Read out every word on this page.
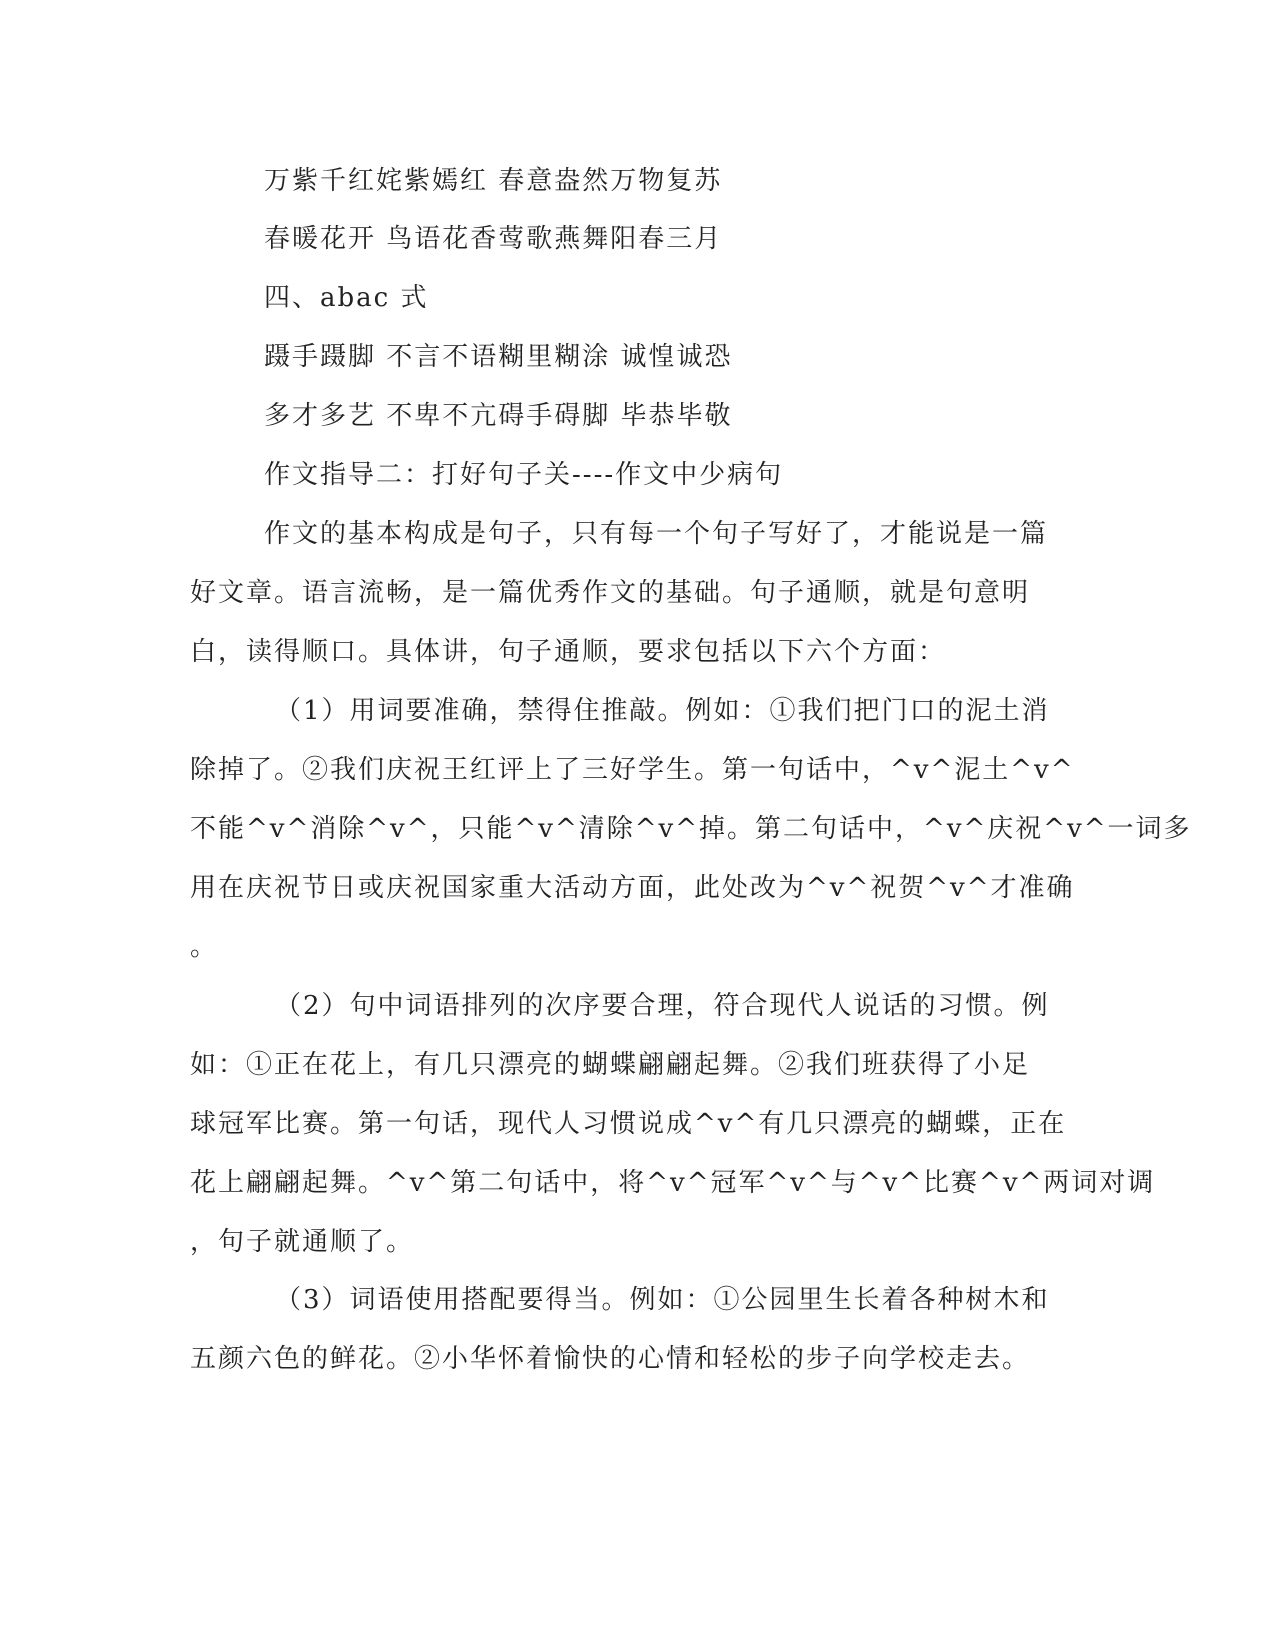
万紫千红姹紫嫣红 春意盎然万物复苏
春暖花开 鸟语花香莺歌燕舞阳春三月
四、abac 式
蹑手蹑脚 不言不语糊里糊涂 诚惶诚恐
多才多艺 不卑不亢碍手碍脚 毕恭毕敬
作文指导二：打好句子关----作文中少病句
作文的基本构成是句子，只有每一个句子写好了，才能说是一篇
好文章。语言流畅，是一篇优秀作文的基础。句子通顺，就是句意明
白，读得顺口。具体讲，句子通顺，要求包括以下六个方面：
（1）用词要准确，禁得住推敲。例如：①我们把门口的泥土消
除掉了。②我们庆祝王红评上了三好学生。第一句话中，^v^泥土^v^
不能^v^消除^v^，只能^v^清除^v^掉。第二句话中，^v^庆祝^v^一词多
用在庆祝节日或庆祝国家重大活动方面，此处改为^v^祝贺^v^才准确
。
（2）句中词语排列的次序要合理，符合现代人说话的习惯。例
如：①正在花上，有几只漂亮的蝴蝶翩翩起舞。②我们班获得了小足
球冠军比赛。第一句话，现代人习惯说成^v^有几只漂亮的蝴蝶，正在
花上翩翩起舞。^v^第二句话中，将^v^冠军^v^与^v^比赛^v^两词对调
，句子就通顺了。
（3）词语使用搭配要得当。例如：①公园里生长着各种树木和
五颜六色的鲜花。②小华怀着愉快的心情和轻松的步子向学校走去。
